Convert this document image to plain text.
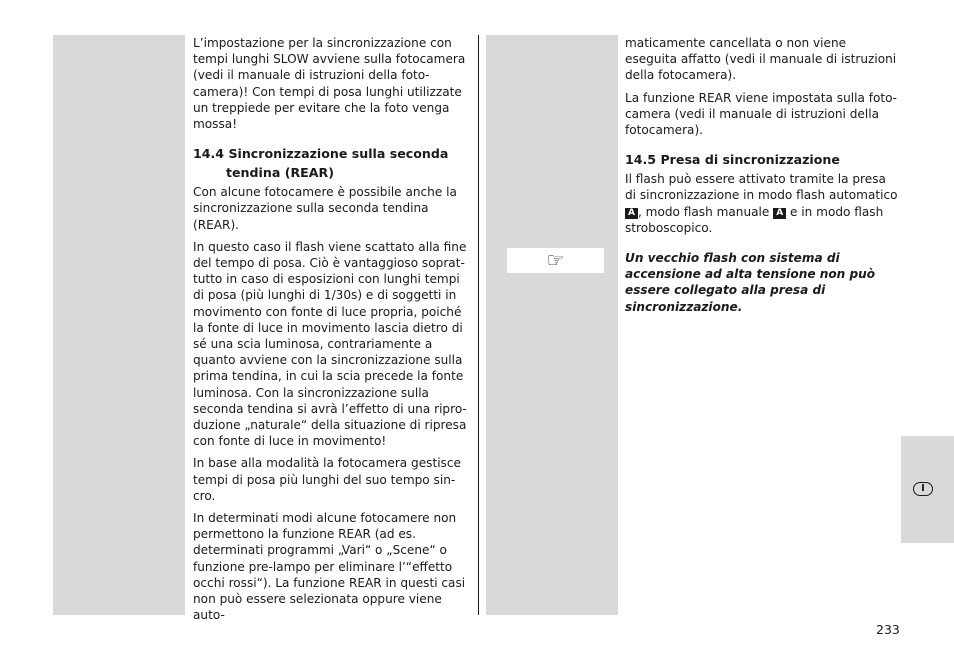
L’impostazione per la sincronizzazione con tempi lunghi SLOW avviene sulla fotocamera (vedi il manuale di istruzioni della fotocamera)! Con tempi di posa lunghi utilizzate un treppiede per evitare che la foto venga mossa!

14.4 Sincronizzazione sulla seconda
tendina (REAR)

Con alcune fotocamere è possibile anche la sincronizzazione sulla seconda tendina (REAR).

In questo caso il flash viene scattato alla fine del tempo di posa. Ciò è vantaggioso soprattutto in caso di esposizioni con lunghi tempi di posa (più lunghi di 1/30s) e di soggetti in movimento con fonte di luce propria, poiché la fonte di luce in movimento lascia dietro di sé una scia luminosa, contrariamente a quanto avviene con la sincronizzazione sulla prima tendina, in cui la scia precede la fonte luminosa. Con la sincronizzazione sulla seconda tendina si avrà l’effetto di una riproduzione „naturale“ della situazione di ripresa con fonte di luce in movimento!

In base alla modalità la fotocamera gestisce tempi di posa più lunghi del suo tempo sincro.

In determinati modi alcune fotocamere non permettono la funzione REAR (ad es. determinati programmi „Vari“ o „Scene“ o funzione pre-lampo per eliminare l’“effetto occhi rossi“). La funzione REAR in questi casi non può essere selezionata oppure viene auto-

☞

maticamente cancellata o non viene eseguita affatto (vedi il manuale di istruzioni della fotocamera).

La funzione REAR viene impostata sulla fotocamera (vedi il manuale di istruzioni della fotocamera).

14.5 Presa di sincronizzazione

Il flash può essere attivato tramite la presa di sincronizzazione in modo flash automatico A , modo flash manuale A e in modo flash stroboscopico.

Un vecchio flash con sistema di accensione ad alta tensione non può essere collegato alla presa di sincronizzazione.

I
233
